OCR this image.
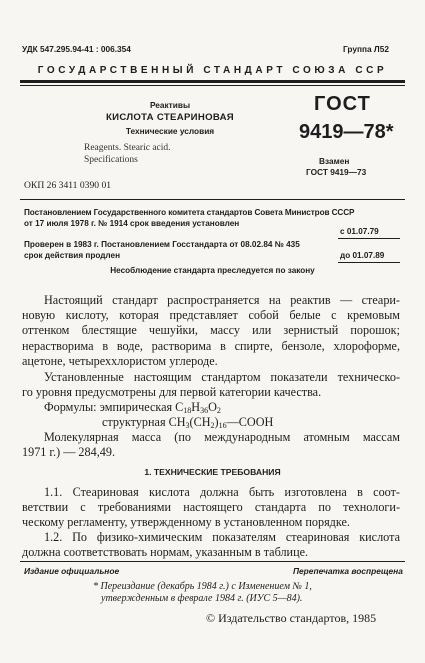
УДК 547.295.94-41 : 006.354	Группа Л52
ГОСУДАРСТВЕННЫЙ СТАНДАРТ СОЮЗА ССР
Реактивы
КИСЛОТА СТЕАРИНОВАЯ
Технические условия
Reagents. Stearic acid.
Specifications
ОКП 26 3411 0390 01
ГОСТ
9419—78*
Взамен
ГОСТ 9419—73
Постановлением Государственного комитета стандартов Совета Министров СССР
от 17 июля 1978 г. № 1914 срок введения установлен
с 01.07.79
Проверен в 1983 г. Постановлением Госстандарта от 08.02.84 № 435
срок действия продлен	до 01.07.89
Несоблюдение стандарта преследуется по закону
Настоящий стандарт распространяется на реактив — стеари-
новую кислоту, которая представляет собой белые с кремовым
оттенком блестящие чешуйки, массу или зернистый порошок;
нерастворима в воде, растворима в спирте, бензоле, хлороформе,
ацетоне, четыреххлористом углероде.
Установленные настоящим стандартом показатели техническо-
го уровня предусмотрены для первой категории качества.
Формулы: эмпирическая $C_{18}H_{36}O_2$
структурная $CH_3(CH_2)_{16}—COOH$
Молекулярная масса (по международным атомным массам
1971 г.) — 284,49.
1. ТЕХНИЧЕСКИЕ ТРЕБОВАНИЯ
1.1. Стеариновая кислота должна быть изготовлена в соот-
ветствии с требованиями настоящего стандарта по технологи-
ческому регламенту, утвержденному в установленном порядке.
1.2. По физико-химическим показателям стеариновая кислота
должна соответствовать нормам, указанным в таблице.
Издание официальное	Перепечатка воспрещена
* Переиздание (декабрь 1984 г.) с Изменением № 1,
утвержденным в феврале 1984 г. (ИУС 5—84).
© Издательство стандартов, 1985
